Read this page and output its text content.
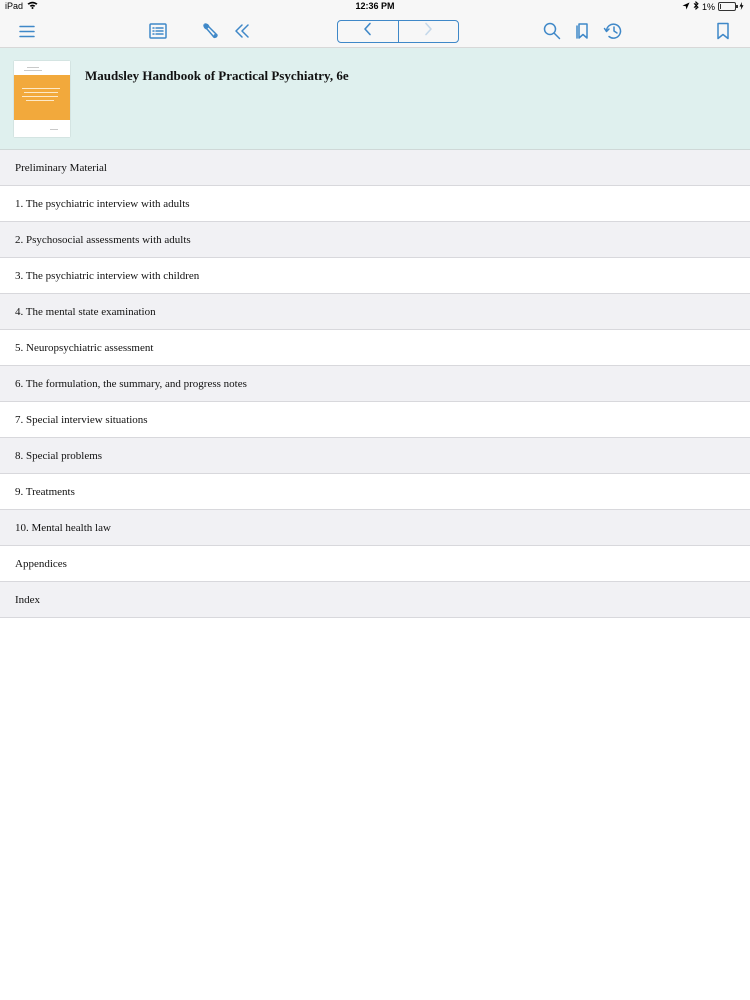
iPad	12:36 PM	1%
Maudsley Handbook of Practical Psychiatry, 6e
Preliminary Material
1. The psychiatric interview with adults
2. Psychosocial assessments with adults
3. The psychiatric interview with children
4. The mental state examination
5. Neuropsychiatric assessment
6. The formulation, the summary, and progress notes
7. Special interview situations
8. Special problems
9. Treatments
10. Mental health law
Appendices
Index
